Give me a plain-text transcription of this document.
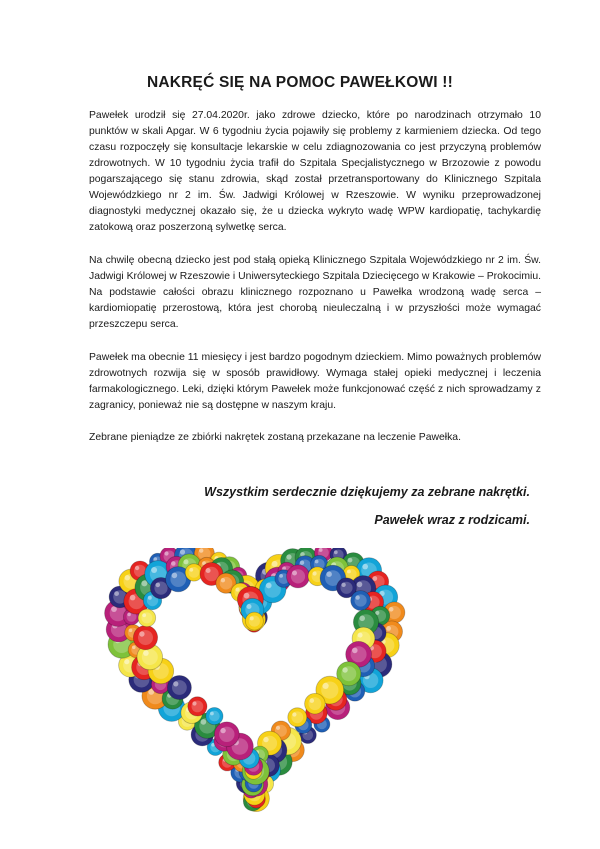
NAKRĘĆ SIĘ NA POMOC PAWEŁKOWI !!
Pawełek urodził się 27.04.2020r. jako zdrowe dziecko, które po narodzinach otrzymało 10 punktów w skali Apgar. W 6 tygodniu życia pojawiły się problemy z karmieniem dziecka. Od tego czasu rozpoczęły się konsultacje lekarskie w celu zdiagnozowania co jest przyczyną problemów zdrowotnych. W 10 tygodniu życia trafił do Szpitala Specjalistycznego w Brzozowie z powodu pogarszającego się stanu zdrowia, skąd został przetransportowany do Klinicznego Szpitala Wojewódzkiego nr 2 im. Św. Jadwigi Królowej w Rzeszowie. W wyniku przeprowadzonej diagnostyki medycznej okazało się, że u dziecka wykryto wadę WPW kardiopatię, tachykardię zatokową oraz poszerzoną sylwetkę serca.
Na chwilę obecną dziecko jest pod stałą opieką Klinicznego Szpitala Wojewódzkiego nr 2 im. Św. Jadwigi Królowej w Rzeszowie i Uniwersyteckiego Szpitala Dziecięcego w Krakowie – Prokocimiu. Na podstawie całości obrazu klinicznego rozpoznano u Pawełka wrodzoną wadę serca – kardiomiopatię przerostową, która jest chorobą nieuleczalną i w przyszłości może wymagać przeszczepu serca.
Pawełek ma obecnie 11 miesięcy i jest bardzo pogodnym dzieckiem. Mimo poważnych problemów zdrowotnych rozwija się w sposób prawidłowy. Wymaga stałej opieki medycznej i leczenia farmakologicznego. Leki, dzięki którym Pawełek może funkcjonować część z nich sprowadzamy z zagranicy, ponieważ nie są dostępne w naszym kraju.
Zebrane pieniądze ze zbiórki nakrętek zostaną przekazane na leczenie Pawełka.
Wszystkim serdecznie dziękujemy za zebrane nakrętki.
Pawełek wraz z rodzicami.
